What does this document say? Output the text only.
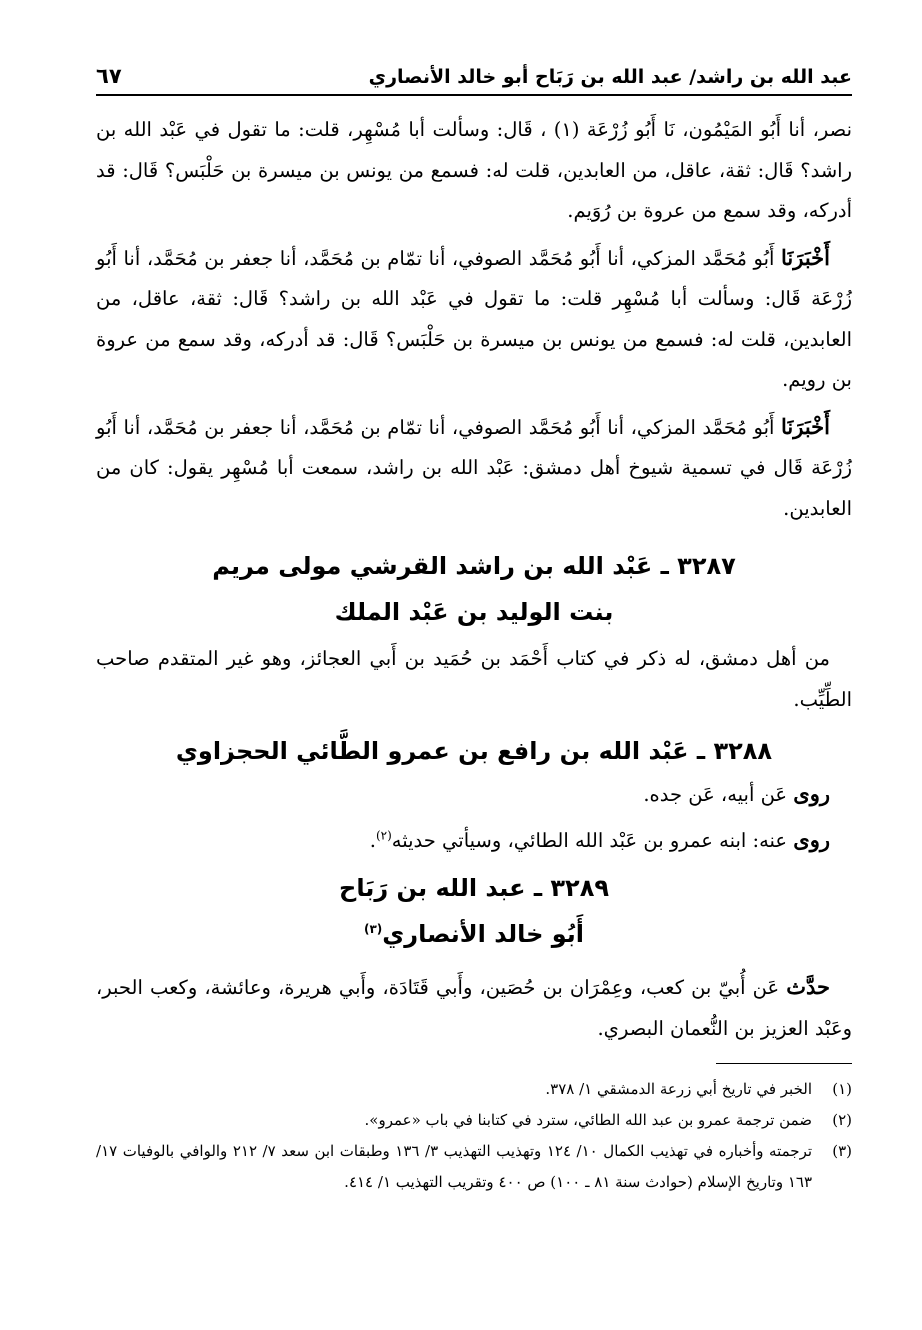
عبد الله بن راشد/ عبد الله بن رَبَاح أبو خالد الأنصاري
٦٧

نصر، أنا أَبُو المَيْمُون، نَا أَبُو زُرْعَة (١) ، قَال: وسألت أبا مُسْهِر، قلت: ما تقول في عَبْد الله بن راشد؟ قَال: ثقة، عاقل، من العابدين، قلت له: فسمع من يونس بن ميسرة بن حَلْبَس؟ قَال: قد أدركه، وقد سمع من عروة بن رُوَيم.

أَخْبَرَنَا أَبُو مُحَمَّد المزكي، أنا أَبُو مُحَمَّد الصوفي، أنا تمّام بن مُحَمَّد، أنا جعفر بن مُحَمَّد، أنا أَبُو زُرْعَة قَال: وسألت أبا مُسْهِر قلت: ما تقول في عَبْد الله بن راشد؟ قَال: ثقة، عاقل، من العابدين، قلت له: فسمع من يونس بن ميسرة بن حَلْبَس؟ قَال: قد أدركه، وقد سمع من عروة بن رويم.

أَخْبَرَنَا أَبُو مُحَمَّد المزكي، أنا أَبُو مُحَمَّد الصوفي، أنا تمّام بن مُحَمَّد، أنا جعفر بن مُحَمَّد، أنا أَبُو زُرْعَة قَال في تسمية شيوخ أهل دمشق: عَبْد الله بن راشد، سمعت أبا مُسْهِر يقول: كان من العابدين.

٣٢٨٧ ـ عَبْد الله بن راشد القرشي مولى مريم

بنت الوليد بن عَبْد الملك

من أهل دمشق، له ذكر في كتاب أَحْمَد بن حُمَيد بن أَبي العجائز، وهو غير المتقدم صاحب الطِّيِّب.

٣٢٨٨ ـ عَبْد الله بن رافع بن عمرو الطَّائي الحجزاوي

روى عَن أبيه، عَن جده.

روى عنه: ابنه عمرو بن عَبْد الله الطائي، وسيأتي حديثه$^{(٢)}$.

٣٢٨٩ ـ عبد الله بن رَبَاح

أَبُو خالد الأنصاري$^{(٣)}$

حدَّث عَن أُبيّ بن كعب، وعِمْرَان بن حُصَين، وأَبي قَتَادَة، وأَبي هريرة، وعائشة، وكعب الحبر، وعَبْد العزيز بن النُّعمان البصري.

(١)
الخبر في تاريخ أبي زرعة الدمشقي ١/ ٣٧٨.
(٢)
ضمن ترجمة عمرو بن عبد الله الطائي، سترد في كتابنا في باب «عمرو».
(٣)
ترجمته وأخباره في تهذيب الكمال ١٠/ ١٢٤ وتهذيب التهذيب ٣/ ١٣٦ وطبقات ابن سعد ٧/ ٢١٢ والوافي بالوفيات ١٧/ ١٦٣ وتاريخ الإسلام (حوادث سنة ٨١ ـ ١٠٠) ص ٤٠٠ وتقريب التهذيب ١/ ٤١٤.
